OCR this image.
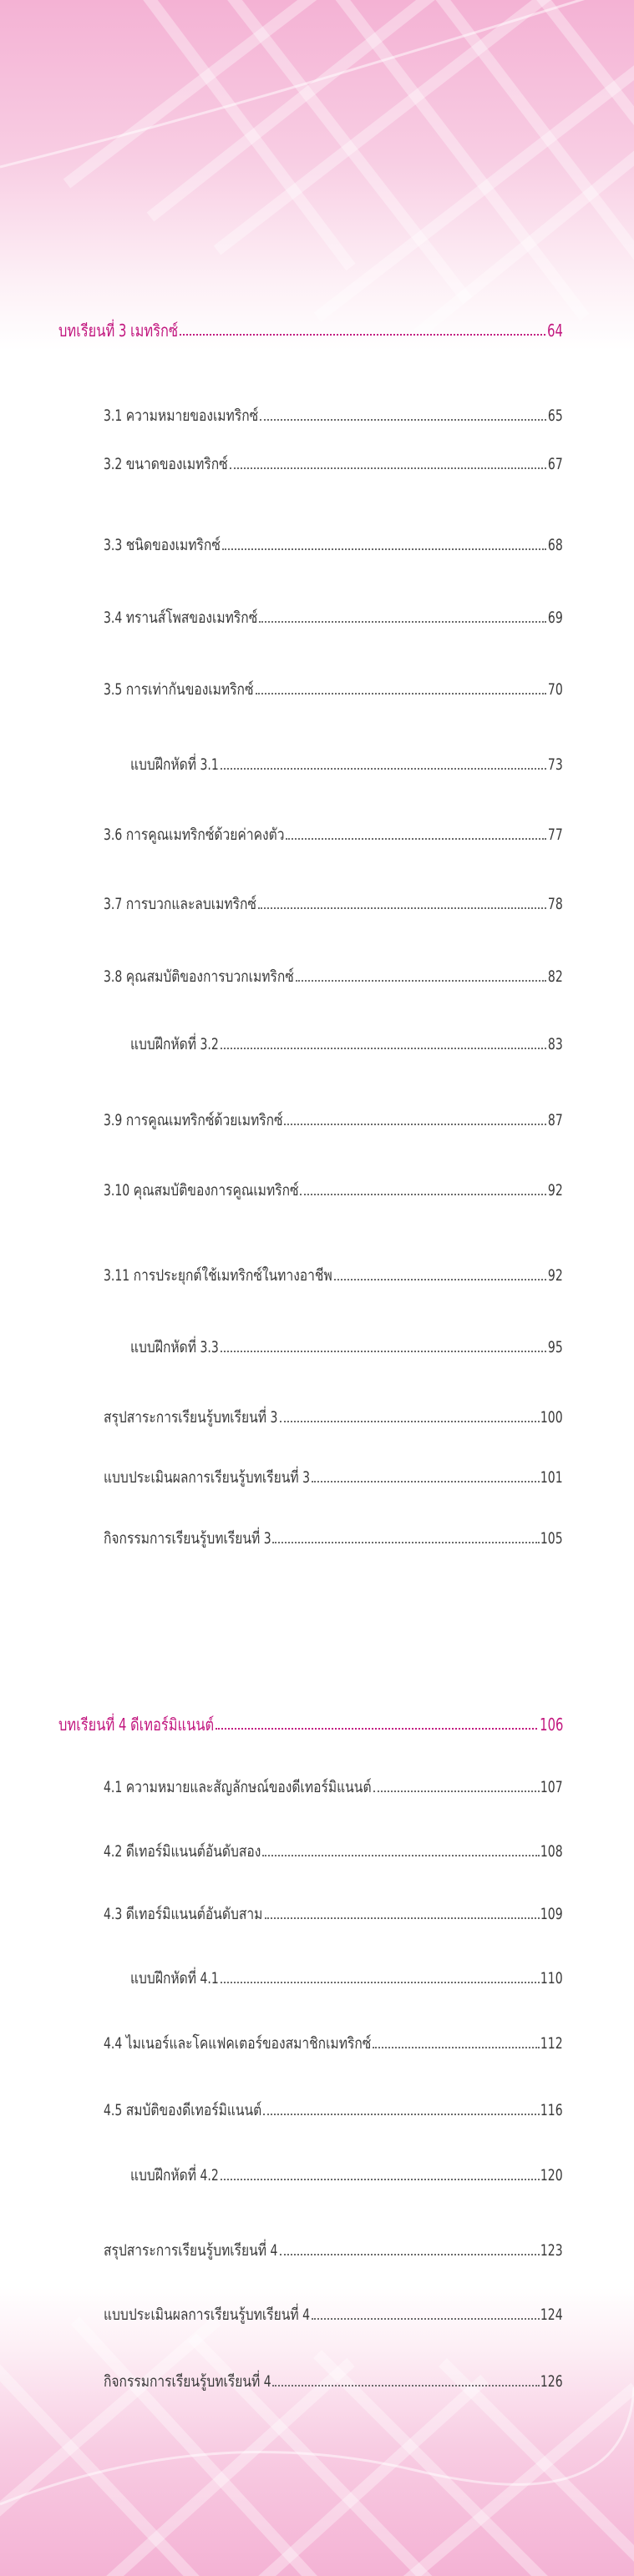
บทเรียนที่ 3 เมทริกซ์	64
3.1 ความหมายของเมทริกซ์	65
3.2 ขนาดของเมทริกซ์	67
3.3 ชนิดของเมทริกซ์	68
3.4 ทรานส์โพสของเมทริกซ์	69
3.5 การเท่ากันของเมทริกซ์	70
แบบฝึกหัดที่ 3.1	73
3.6 การคูณเมทริกซ์ด้วยค่าคงตัว	77
3.7 การบวกและลบเมทริกซ์	78
3.8 คุณสมบัติของการบวกเมทริกซ์	82
แบบฝึกหัดที่ 3.2	83
3.9 การคูณเมทริกซ์ด้วยเมทริกซ์	87
3.10 คุณสมบัติของการคูณเมทริกซ์	92
3.11 การประยุกต์ใช้เมทริกซ์ในทางอาชีพ	92
แบบฝึกหัดที่ 3.3	95
สรุปสาระการเรียนรู้บทเรียนที่ 3	100
แบบประเมินผลการเรียนรู้บทเรียนที่ 3	101
กิจกรรมการเรียนรู้บทเรียนที่ 3	105
บทเรียนที่ 4 ดีเทอร์มิแนนต์	106
4.1 ความหมายและสัญลักษณ์ของดีเทอร์มิแนนต์	107
4.2 ดีเทอร์มิแนนต์อันดับสอง	108
4.3 ดีเทอร์มิแนนต์อันดับสาม	109
แบบฝึกหัดที่ 4.1	110
4.4 ไมเนอร์และโคแฟคเตอร์ของสมาชิกเมทริกซ์	112
4.5 สมบัติของดีเทอร์มิแนนต์	116
แบบฝึกหัดที่ 4.2	120
สรุปสาระการเรียนรู้บทเรียนที่ 4	123
แบบประเมินผลการเรียนรู้บทเรียนที่ 4	124
กิจกรรมการเรียนรู้บทเรียนที่ 4	126
